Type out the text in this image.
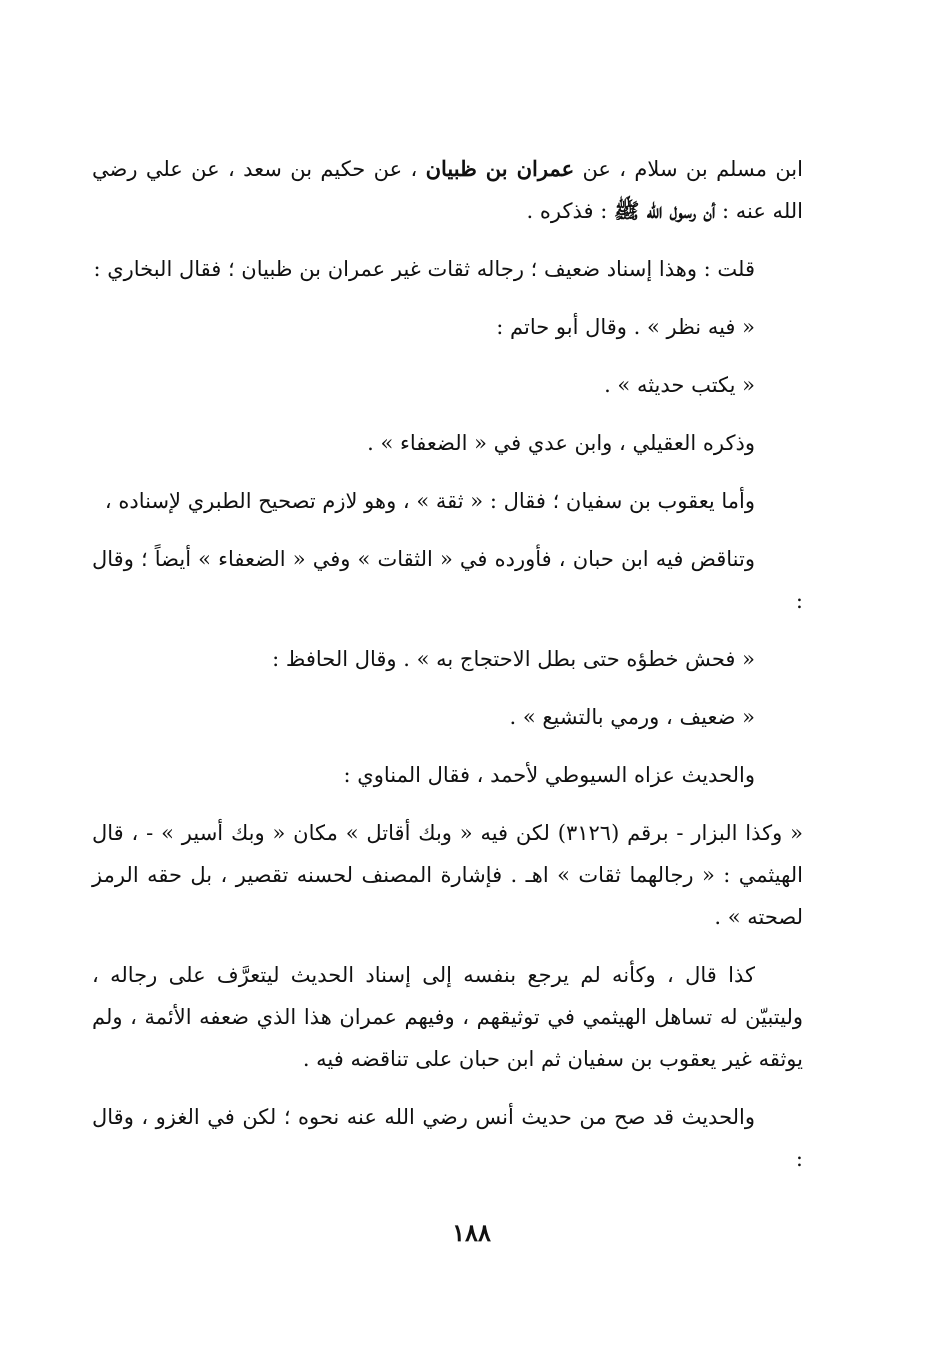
ابن مسلم بن سلام ، عن عمران بن ظبيان ، عن حكيم بن سعد ، عن علي رضي الله عنه : أن رسول الله ﷺ : فذكره .

قلت : وهذا إسناد ضعيف ؛ رجاله ثقات غير عمران بن ظبيان ؛ فقال البخاري :

« فيه نظر » . وقال أبو حاتم :

« يكتب حديثه » .

وذكره العقيلي ، وابن عدي في « الضعفاء » .

وأما يعقوب بن سفيان ؛ فقال : « ثقة » ، وهو لازم تصحيح الطبري لإسناده ،

وتناقض فيه ابن حبان ، فأورده في « الثقات » وفي « الضعفاء » أيضاً ؛ وقال :

« فحش خطؤه حتى بطل الاحتجاج به » . وقال الحافظ :

« ضعيف ، ورمي بالتشيع » .

والحديث عزاه السيوطي لأحمد ، فقال المناوي :

« وكذا البزار - برقم (٣١٢٦) لكن فيه « وبك أقاتل » مكان « وبك أسير » - ، قال الهيثمي : « رجالهما ثقات » اهـ . فإشارة المصنف لحسنه تقصير ، بل حقه الرمز لصحته » .

كذا قال ، وكأنه لم يرجع بنفسه إلى إسناد الحديث ليتعرَّف على رجاله ، وليتبيّن له تساهل الهيثمي في توثيقهم ، وفيهم عمران هذا الذي ضعفه الأئمة ، ولم يوثقه غير يعقوب بن سفيان ثم ابن حبان على تناقضه فيه .

والحديث قد صح من حديث أنس رضي الله عنه نحوه ؛ لكن في الغزو ، وقال :

١٨٨
